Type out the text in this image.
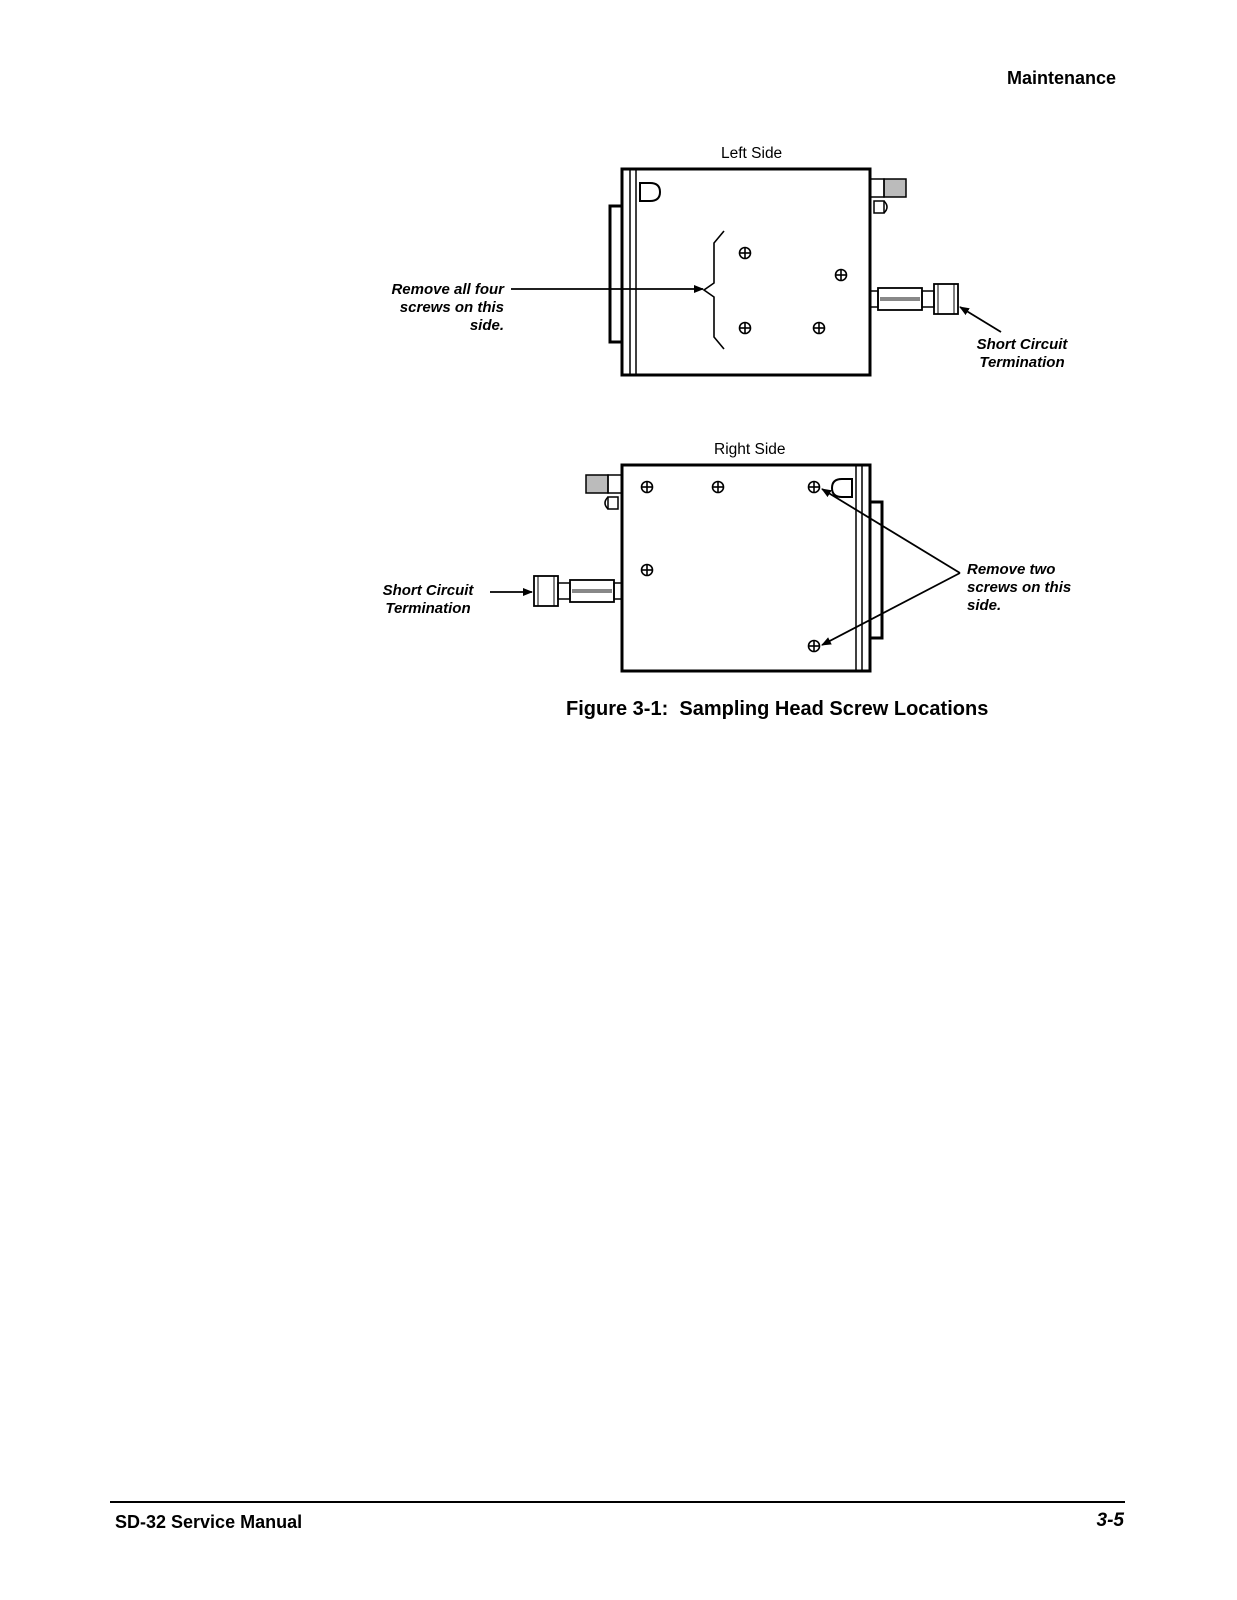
Maintenance
Left Side
Remove all four
screws on this
side.
Short Circuit
Termination
Right Side
Short Circuit
Termination
Remove two
screws on this
side.
Figure 3-1:  Sampling Head Screw Locations
SD-32 Service Manual	3-5
